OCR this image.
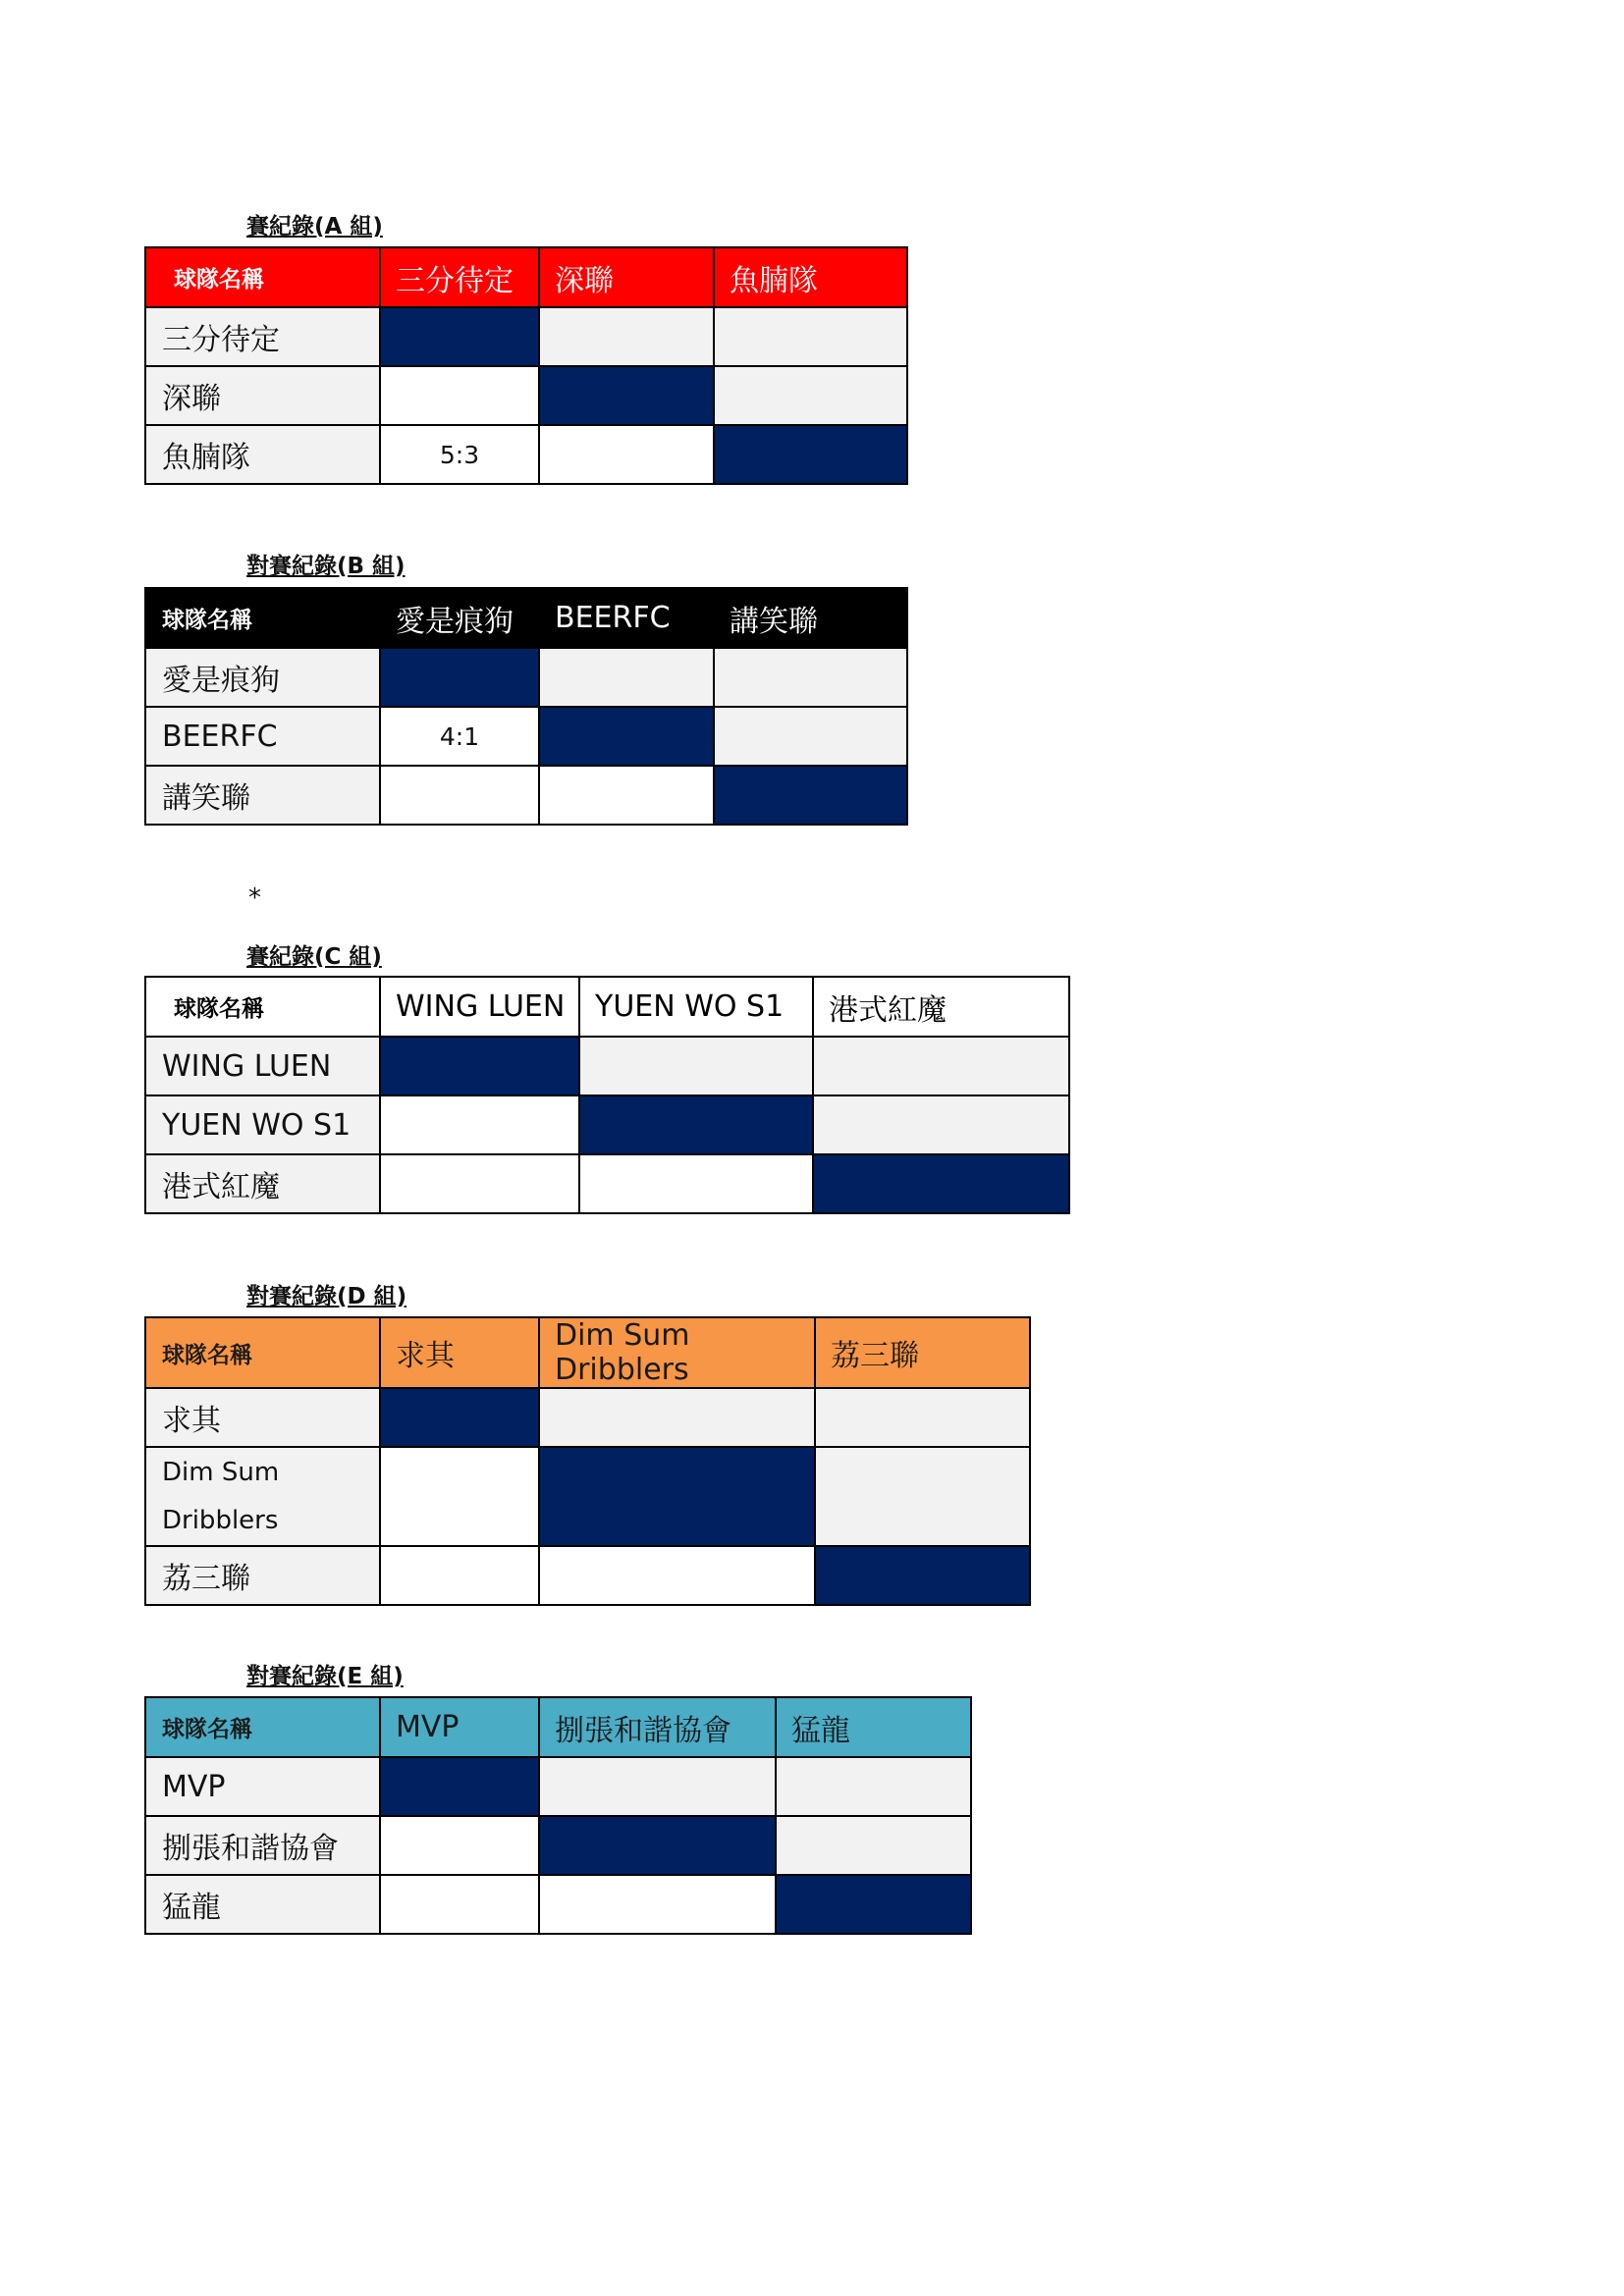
賽紀錄(A 組)
球隊名稱	三分待定	深聯	魚腩隊
三分待定			
深聯			
魚腩隊	5:3		
對賽紀錄(B 組)
球隊名稱	愛是痕狗	BEERFC	講笑聯
愛是痕狗			
BEERFC	4:1		
講笑聯			
*
賽紀錄(C 組)
球隊名稱	WING LUEN	YUEN WO S1	港式紅魔
WING LUEN			
YUEN WO S1			
港式紅魔			
對賽紀錄(D 組)
球隊名稱	求其	Dim Sum Dribblers	荔三聯
求其			

Dim Sum
Dribblers			

荔三聯			
對賽紀錄(E 組)
球隊名稱	MVP	捌張和諧協會	猛龍
MVP			
捌張和諧協會			
猛龍			
